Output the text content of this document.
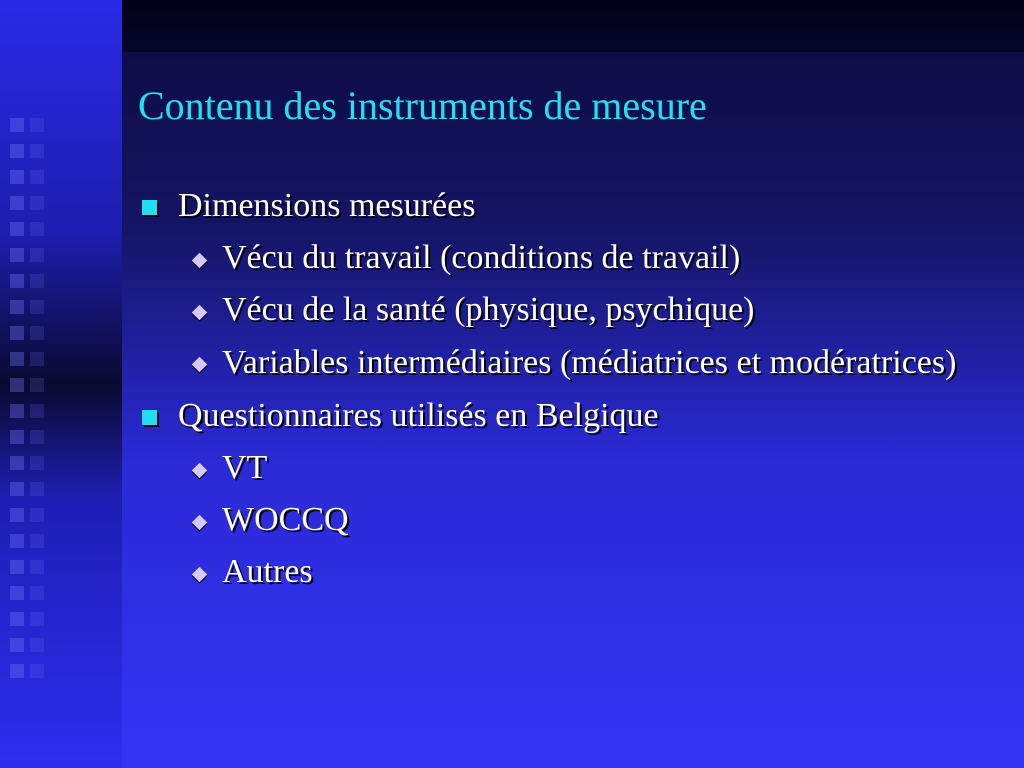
Contenu des instruments de mesure
Dimensions mesurées
Vécu du travail (conditions de travail)
Vécu de la santé (physique, psychique)
Variables intermédiaires (médiatrices et modératrices)
Questionnaires utilisés en Belgique
VT
WOCCQ
Autres
